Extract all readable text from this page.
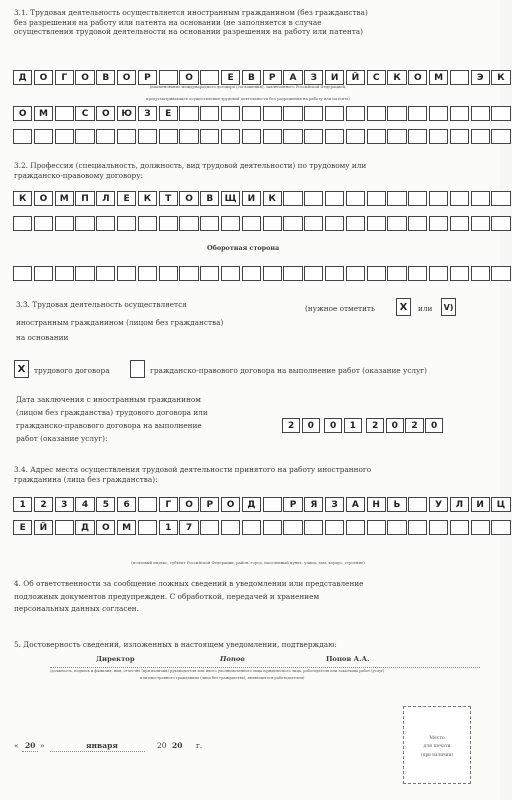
3.1. Трудовая деятельность осуществляется иностранным гражданином (без гражданства)
без разрешения на работу или патента на основании (не заполняется в случае
осуществления трудовой деятельности на основании разрешения на работу или патента)
Д	О	Г	О	В	О	Р	О	Е	В	Р	А	З	И	Й	С	К	О	М	Э	К
(наименование международного договора (соглашения), заключенного Российской Федерацией,
предусматривающее осуществление трудовой деятельности без разрешения на работу или патента)
О	М	С	О	Ю	З	Е
3.2. Профессия (специальность, должность, вид трудовой деятельности) по трудовому или
гражданско-правовому договору:
К	О	М	П	Л	Е	К	Т	О	В	Щ	И	К
Оборотная сторона
3.3. Трудовая деятельность осуществляется
иностранным гражданином (лицом без гражданства)
на основании
(нужное отметить	X	или	V)
X	трудового договора	гражданско-правового договора на выполнение работ (оказание услуг)
Дата заключения с иностранным гражданином
(лицом без гражданства) трудового договора или
гражданско-правового договора на выполнение
работ (оказание услуг):
2	0	0	1	2	0	2	0
3.4. Адрес места осуществления трудовой деятельности принятого на работу иностранного
гражданина (лица без гражданства):
1	2	3	4	5	6	Г	О	Р	О	Д	Р	Я	З	А	Н	Ь	У	Л	И	Ц
Е	Й	Д	О	М	1	7
(почтовый индекс, субъект Российской Федерации, район, город, населенный пункт, улица, дом, корпус, строение)
4. Об ответственности за сообщение ложных сведений в уведомлении или представление
подложных документов предупрежден. С обработкой, передачей и хранением
персональных данных согласен.
5. Достоверность сведений, изложенных в настоящем уведомлении, подтверждаю:
Директор	Попов	Попов А.А.
(должность, подпись и фамилия, имя, отчество (при наличии) руководителя или иного уполномоченного лица юридического лица, работодателя или заказчика работ (услуг)
или иностранного гражданина (лица без гражданства), являющегося работодателем)
« 20 »	января	20 20 г.
Место
для печати
(при наличии)
